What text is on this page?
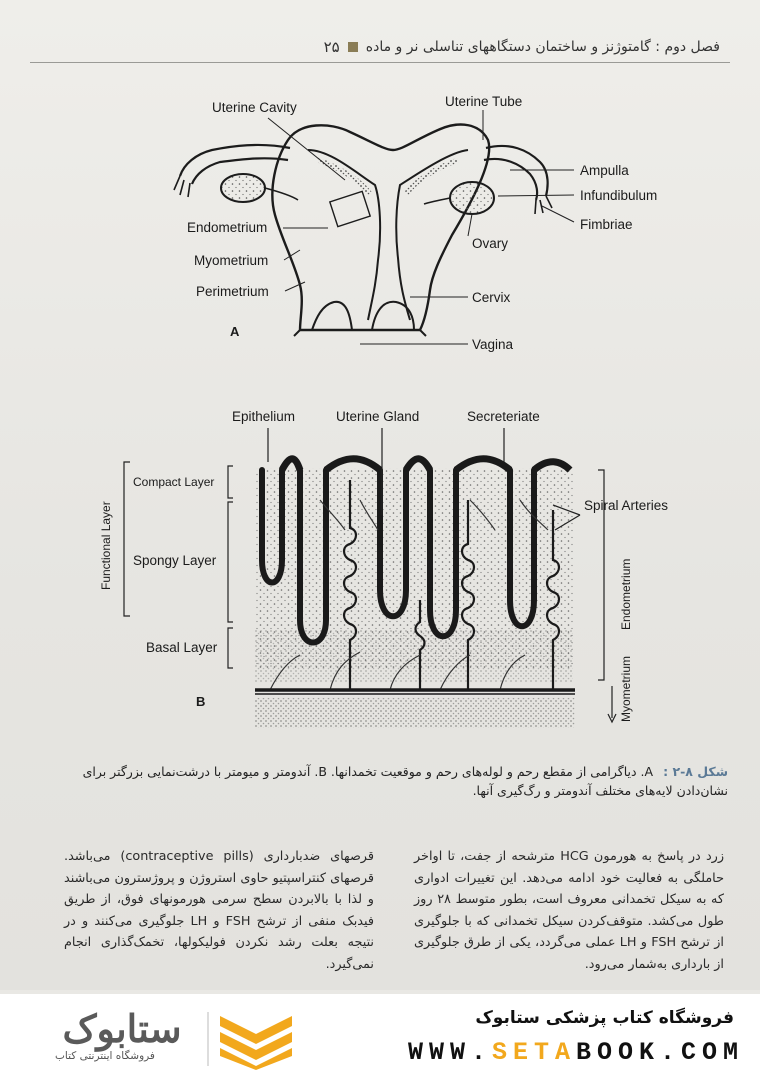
فصل دوم : گامتوژنز و ساختمان دستگاههای تناسلی نر و ماده
۲۵
Uterine Cavity	Uterine Tube
Ampulla
Infundibulum
Fimbriae
Ovary
Endometrium
Myometrium
Perimetrium	Cervix
Vagina
A
Epithelium	Uterine Gland	Secreteriate
Compact Layer
Spongy Layer
Basal Layer
Functional Layer	Spiral Arteries
Endometrium
Myometrium
B
شکل ۸-۲ : A. دیاگرامی از مقطع رحم و لوله‌های رحم و موقعیت تخمدانها. B. آندومتر و میومتر با درشت‌نمایی بزرگتر برای نشان‌دادن لایه‌های مختلف آندومتر و رگ‌گیری آنها.

زرد در پاسخ به هورمون HCG مترشحه از جفت، تا اواخر حاملگی به فعالیت خود ادامه می‌دهد. این تغییرات ادواری که به سیکل تخمدانی معروف است، بطور متوسط ۲۸ روز طول می‌کشد. متوقف‌کردن سیکل تخمدانی که با جلوگیری از ترشح FSH و LH عملی می‌گردد، یکی از طرق جلوگیری از بارداری به‌شمار می‌رود.

قرصهای ضدبارداری (contraceptive pills) می‌باشد. قرصهای کنتراسپتیو حاوی استروژن و پروژسترون می‌باشند و لذا با بالابردن سطح سرمی هورمونهای فوق، از طریق فیدبک منفی از ترشح FSH و LH جلوگیری می‌کنند و در نتیجه بعلت رشد نکردن فولیکولها، تخمک‌گذاری انجام نمی‌گیرد.

ستابوک
فروشگاه اینترنتی کتاب
فروشگاه کتاب پزشکی ستابوک
WWW.SETABOOK.COM
